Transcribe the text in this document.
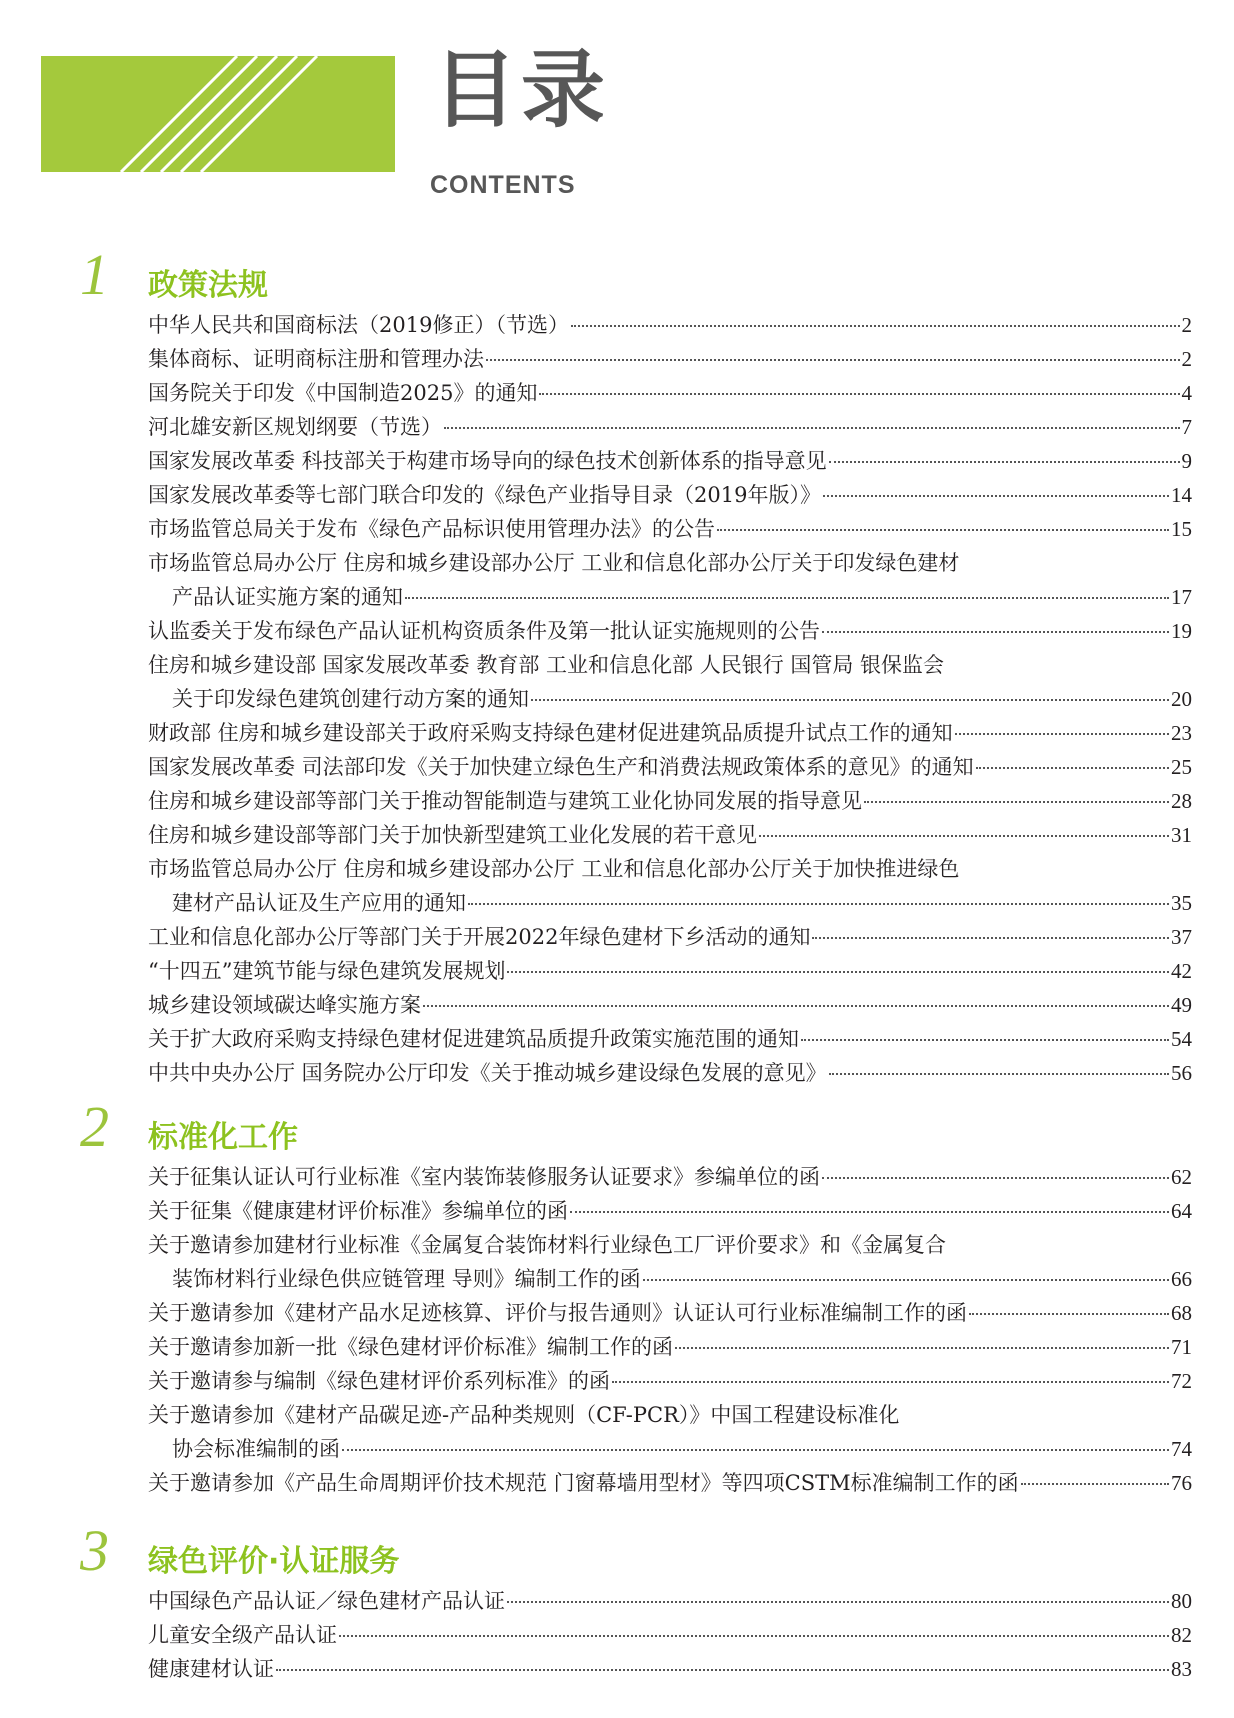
目录
CONTENTS
1 政策法规
中华人民共和国商标法（2019修正）（节选）	2
集体商标、证明商标注册和管理办法	2
国务院关于印发《中国制造2025》的通知	4
河北雄安新区规划纲要（节选）	7
国家发展改革委 科技部关于构建市场导向的绿色技术创新体系的指导意见	9
国家发展改革委等七部门联合印发的《绿色产业指导目录（2019年版）》	14
市场监管总局关于发布《绿色产品标识使用管理办法》的公告	15
市场监管总局办公厅 住房和城乡建设部办公厅 工业和信息化部办公厅关于印发绿色建材
产品认证实施方案的通知	17
认监委关于发布绿色产品认证机构资质条件及第一批认证实施规则的公告	19
住房和城乡建设部 国家发展改革委 教育部 工业和信息化部 人民银行 国管局 银保监会
关于印发绿色建筑创建行动方案的通知	20
财政部 住房和城乡建设部关于政府采购支持绿色建材促进建筑品质提升试点工作的通知	23
国家发展改革委 司法部印发《关于加快建立绿色生产和消费法规政策体系的意见》的通知	25
住房和城乡建设部等部门关于推动智能制造与建筑工业化协同发展的指导意见	28
住房和城乡建设部等部门关于加快新型建筑工业化发展的若干意见	31
市场监管总局办公厅 住房和城乡建设部办公厅 工业和信息化部办公厅关于加快推进绿色
建材产品认证及生产应用的通知	35
工业和信息化部办公厅等部门关于开展2022年绿色建材下乡活动的通知	37
“十四五”建筑节能与绿色建筑发展规划	42
城乡建设领域碳达峰实施方案	49
关于扩大政府采购支持绿色建材促进建筑品质提升政策实施范围的通知	54
中共中央办公厅 国务院办公厅印发《关于推动城乡建设绿色发展的意见》	56
2 标准化工作
关于征集认证认可行业标准《室内装饰装修服务认证要求》参编单位的函	62
关于征集《健康建材评价标准》参编单位的函	64
关于邀请参加建材行业标准《金属复合装饰材料行业绿色工厂评价要求》和《金属复合
装饰材料行业绿色供应链管理 导则》编制工作的函	66
关于邀请参加《建材产品水足迹核算、评价与报告通则》认证认可行业标准编制工作的函	68
关于邀请参加新一批《绿色建材评价标准》编制工作的函	71
关于邀请参与编制《绿色建材评价系列标准》的函	72
关于邀请参加《建材产品碳足迹-产品种类规则（CF-PCR）》中国工程建设标准化
协会标准编制的函	74
关于邀请参加《产品生命周期评价技术规范 门窗幕墙用型材》等四项CSTM标准编制工作的函	76
3 绿色评价·认证服务
中国绿色产品认证／绿色建材产品认证	80
儿童安全级产品认证	82
健康建材认证	83
